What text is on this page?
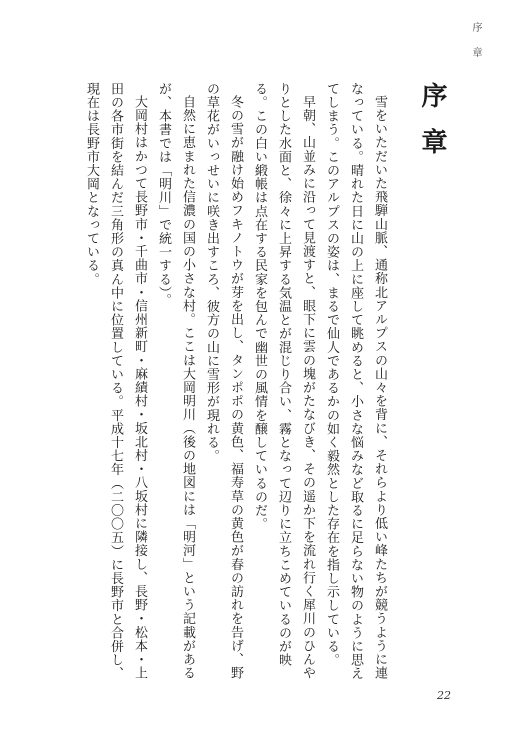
序 章
序章

雪をいただいた飛騨山脈、通称北アルプスの山々を背に、それらより低い峰たちが競うように連なっている。晴れた日に山の上に座して眺めると、小さな悩みなど取るに足らない物のように思えてしまう。このアルプスの姿は、まるで仙人であるかの如く毅然とした存在を指し示している。

早朝、山並みに沿って見渡すと、眼下に雲の塊がたなびき、その遥か下を流れ行く犀川のひんやりとした水面と、徐々に上昇する気温とが混じり合い、霧となって辺りに立ちこめているのが映る。この白い緞帳は点在する民家を包んで幽世の風情を醸しているのだ。

冬の雪が融け始めフキノトウが芽を出し、タンポポの黄色、福寿草の黄色が春の訪れを告げ、野の草花がいっせいに咲き出すころ、彼方の山に雪形が現れる。

自然に恵まれた信濃の国の小さな村。ここは大岡明川（後の地図には「明河」という記載があるが、本書では「明川」で統一する）。

大岡村はかつて長野市・千曲市・信州新町・麻績村・坂北村・八坂村に隣接し、長野・松本・上田の各市街を結んだ三角形の真ん中に位置している。平成十七年（二〇〇五）に長野市と合併し、現在は長野市大岡となっている。

22
